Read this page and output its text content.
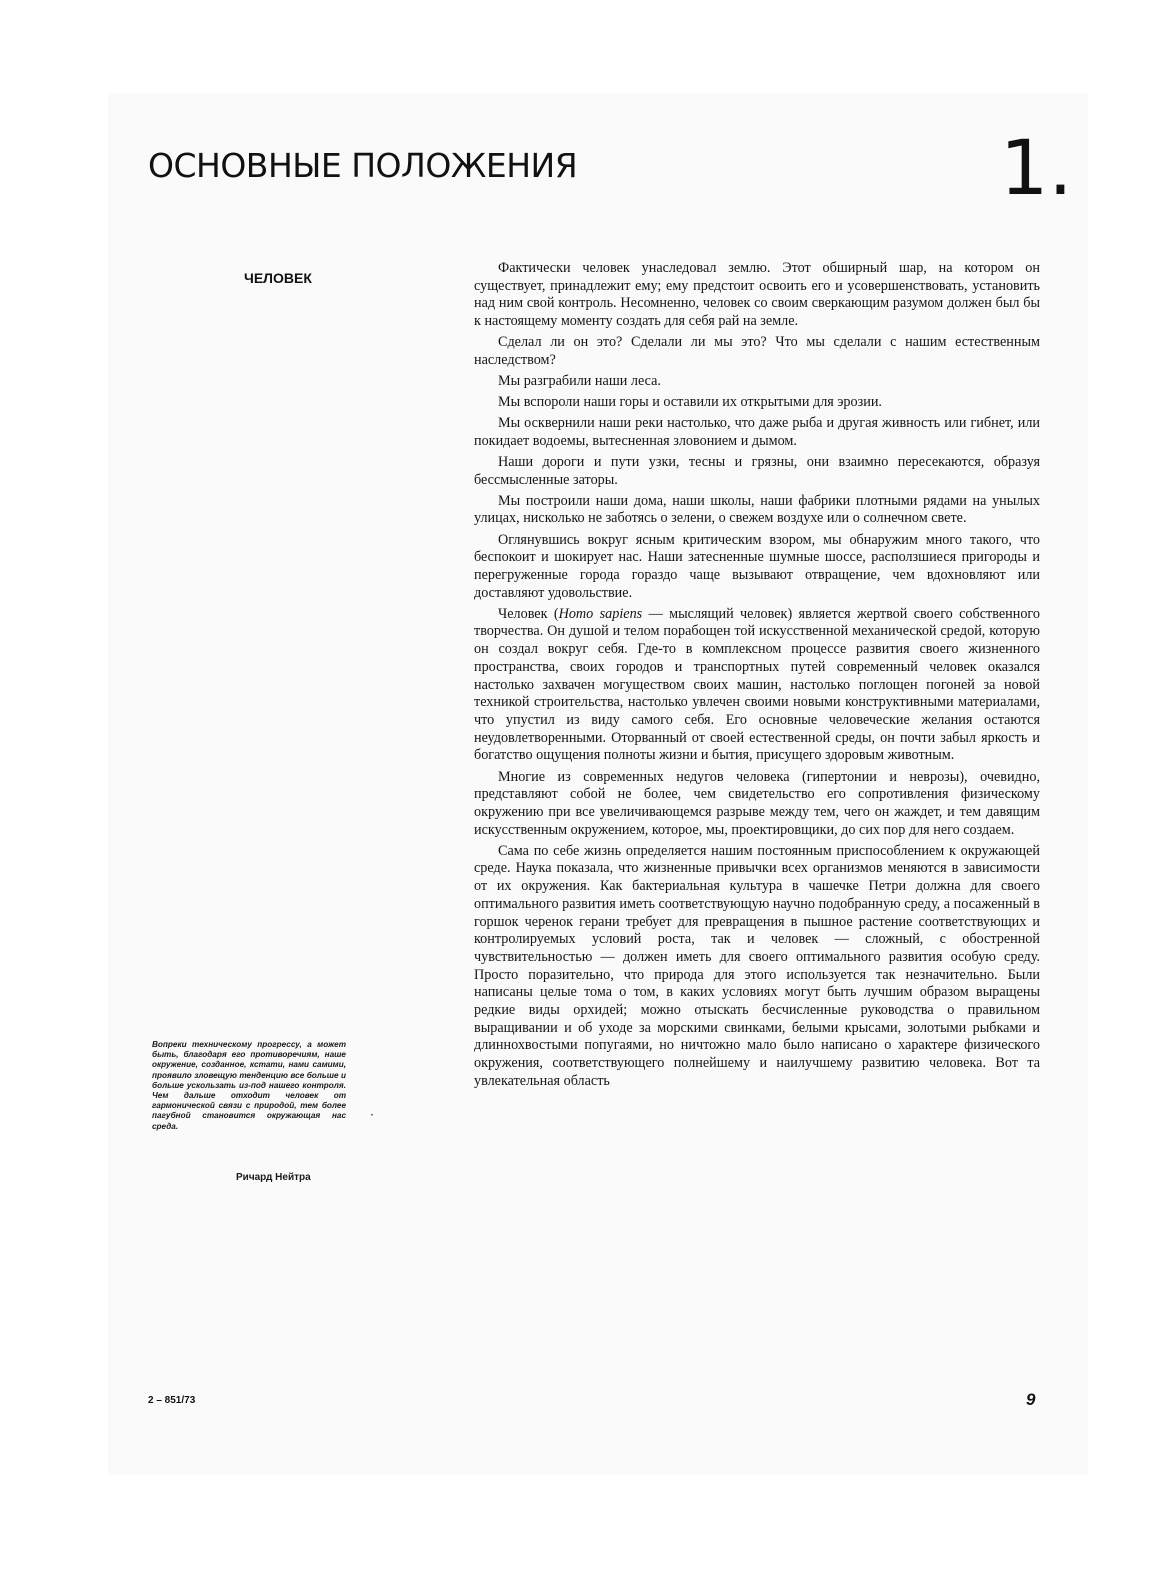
ОСНОВНЫЕ ПОЛОЖЕНИЯ	1.
ЧЕЛОВЕК

Фактически человек унаследовал землю. Этот обширный шар, на котором он существует, принадлежит ему; ему предстоит освоить его и усовершенствовать, установить над ним свой контроль. Несомненно, человек со своим сверкающим разумом должен был бы к настоящему моменту создать для себя рай на земле.

Сделал ли он это? Сделали ли мы это? Что мы сделали с нашим естественным наследством?

Мы разграбили наши леса.

Мы вспороли наши горы и оставили их открытыми для эрозии.

Мы осквернили наши реки настолько, что даже рыба и другая живность или гибнет, или покидает водоемы, вытесненная зловонием и дымом.

Наши дороги и пути узки, тесны и грязны, они взаимно пересекаются, образуя бессмысленные заторы.

Мы построили наши дома, наши школы, наши фабрики плотными рядами на унылых улицах, нисколько не заботясь о зелени, о свежем воздухе или о солнечном свете.

Оглянувшись вокруг ясным критическим взором, мы обнаружим много такого, что беспокоит и шокирует нас. Наши затесненные шумные шоссе, расползшиеся пригороды и перегруженные города гораздо чаще вызывают отвращение, чем вдохновляют или доставляют удовольствие.

Человек (Homo sapiens — мыслящий человек) является жертвой своего собственного творчества. Он душой и телом порабощен той искусственной механической средой, которую он создал вокруг себя. Где-то в комплексном процессе развития своего жизненного пространства, своих городов и транспортных путей современный человек оказался настолько захвачен могуществом своих машин, настолько поглощен погоней за новой техникой строительства, настолько увлечен своими новыми конструктивными материалами, что упустил из виду самого себя. Его основные человеческие желания остаются неудовлетворенными. Оторванный от своей естественной среды, он почти забыл яркость и богатство ощущения полноты жизни и бытия, присущего здоровым животным.

Многие из современных недугов человека (гипертонии и неврозы), очевидно, представляют собой не более, чем свидетельство его сопротивления физическому окружению при все увеличивающемся разрыве между тем, чего он жаждет, и тем давящим искусственным окружением, которое, мы, проектировщики, до сих пор для него создаем.

Сама по себе жизнь определяется нашим постоянным приспособлением к окружающей среде. Наука показала, что жизненные привычки всех организмов меняются в зависимости от их окружения. Как бактериальная культура в чашечке Петри должна для своего оптимального развития иметь соответствующую научно подобранную среду, а посаженный в горшок черенок герани требует для превращения в пышное растение соответствующих и контролируемых условий роста, так и человек — сложный, с обостренной чувствительностью — должен иметь для своего оптимального развития особую среду. Просто поразительно, что природа для этого используется так незначительно. Были написаны целые тома о том, в каких условиях могут быть лучшим образом выращены редкие виды орхидей; можно отыскать бесчисленные руководства о правильном выращивании и об уходе за морскими свинками, белыми крысами, золотыми рыбками и длиннохвостыми попугаями, но ничтожно мало было написано о характере физического окружения, соответствующего полнейшему и наилучшему развитию человека. Вот та увлекательная область

Вопреки техническому прогрессу, а может быть, благодаря его противоречиям, наше окружение, созданное, кстати, нами самими, проявило зловещую тенденцию все больше и больше ускользать из-под нашего контроля. Чем дальше отходит человек от гармонической связи с природой, тем более пагубной становится окружающая нас среда.
Ричард Нейтра
·
2 – 851/73	9
